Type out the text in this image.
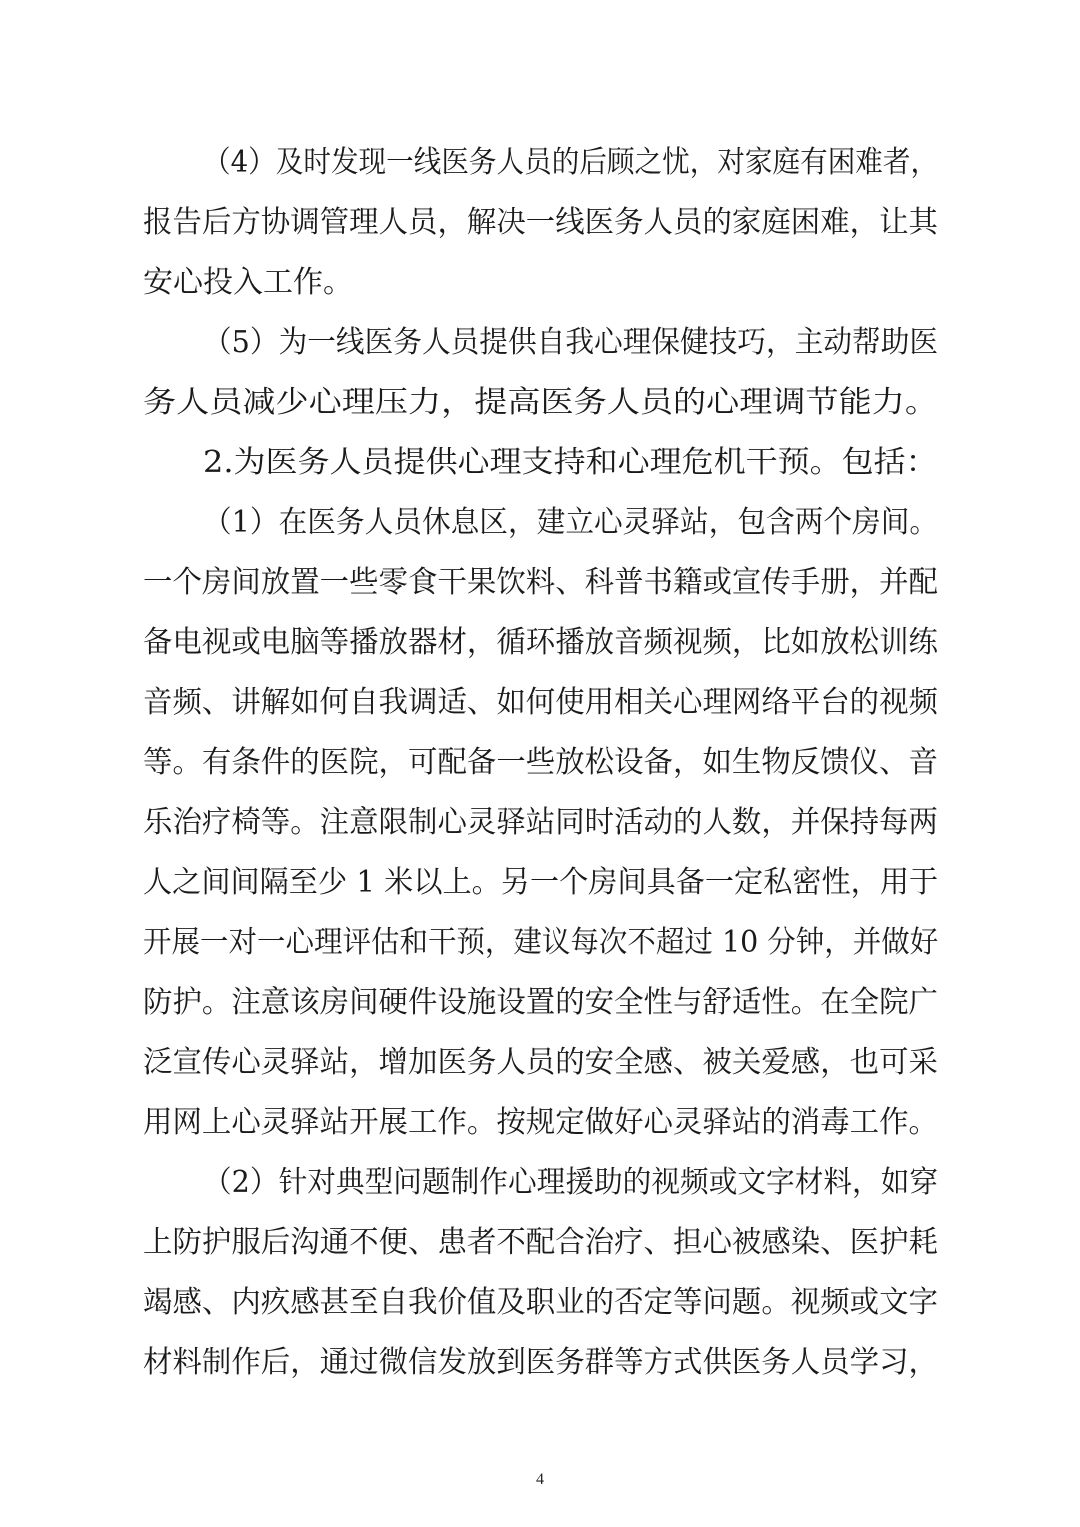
（4）及时发现一线医务人员的后顾之忧，对家庭有困难者，
报告后方协调管理人员，解决一线医务人员的家庭困难，让其
安心投入工作。
（5）为一线医务人员提供自我心理保健技巧，主动帮助医
务人员减少心理压力，提高医务人员的心理调节能力。
2.为医务人员提供心理支持和心理危机干预。包括：
（1）在医务人员休息区，建立心灵驿站，包含两个房间。
一个房间放置一些零食干果饮料、科普书籍或宣传手册，并配
备电视或电脑等播放器材，循环播放音频视频，比如放松训练
音频、讲解如何自我调适、如何使用相关心理网络平台的视频
等。有条件的医院，可配备一些放松设备，如生物反馈仪、音
乐治疗椅等。注意限制心灵驿站同时活动的人数，并保持每两
人之间间隔至少 1 米以上。另一个房间具备一定私密性，用于
开展一对一心理评估和干预，建议每次不超过 10 分钟，并做好
防护。注意该房间硬件设施设置的安全性与舒适性。在全院广
泛宣传心灵驿站，增加医务人员的安全感、被关爱感，也可采
用网上心灵驿站开展工作。按规定做好心灵驿站的消毒工作。
（2）针对典型问题制作心理援助的视频或文字材料，如穿
上防护服后沟通不便、患者不配合治疗、担心被感染、医护耗
竭感、内疚感甚至自我价值及职业的否定等问题。视频或文字
材料制作后，通过微信发放到医务群等方式供医务人员学习，
4
